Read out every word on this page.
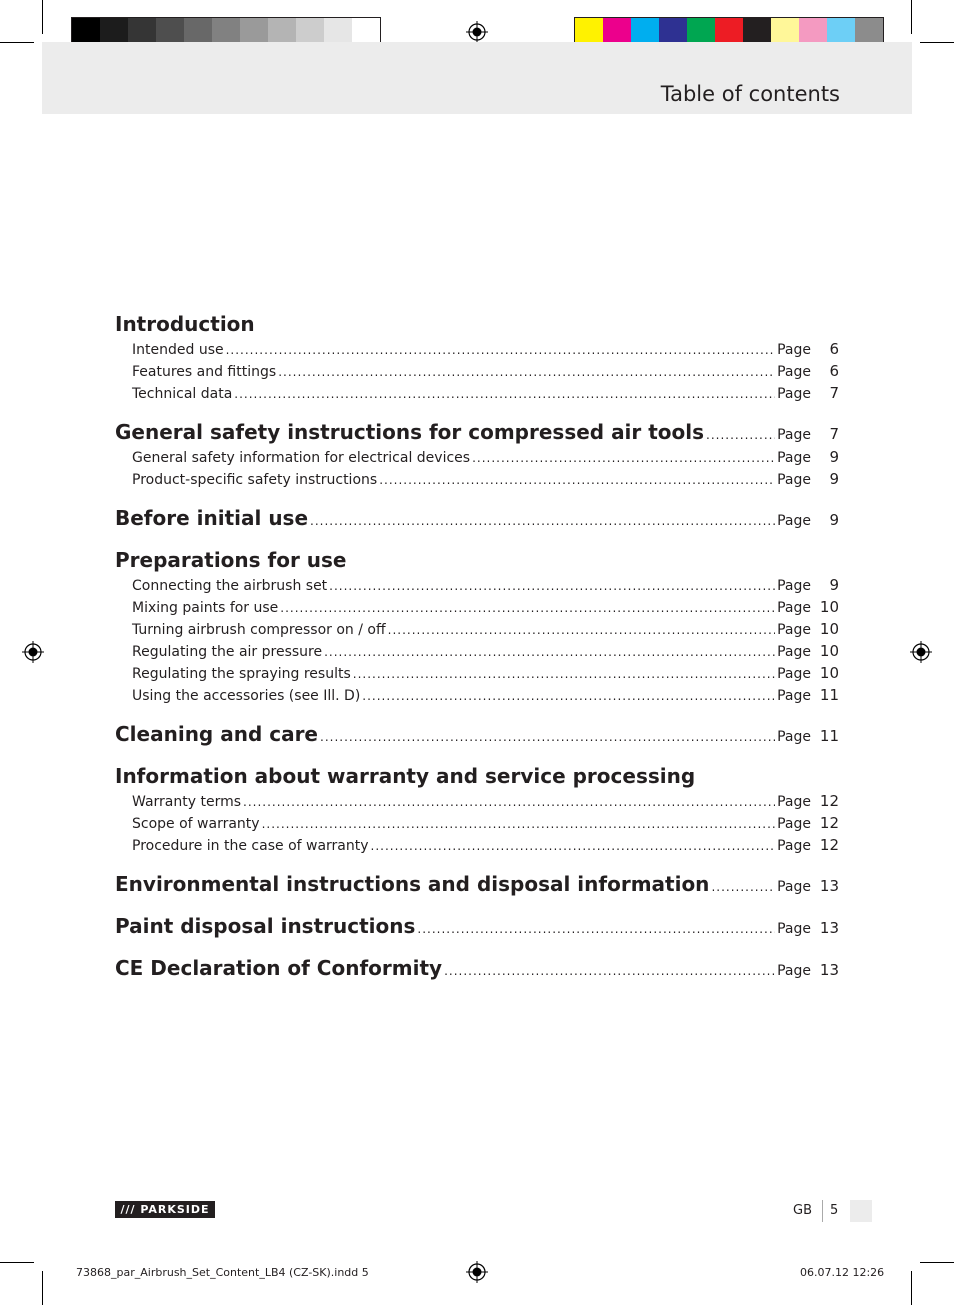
Table of contents
Introduction
Intended use .....	Page	6
Features and fittings .....	Page	6
Technical data .....	Page	7
General safety instructions for compressed air tools .....	Page	7
General safety information for electrical devices .....	Page	9
Product-specific safety instructions .....	Page	9
Before initial use .....	Page	9
Preparations for use
Connecting the airbrush set .....	Page	9
Mixing paints for use .....	Page 10
Turning airbrush compressor on / off .....	Page 10
Regulating the air pressure .....	Page 10
Regulating the spraying results .....	Page 10
Using the accessories (see Ill. D) .....	Page 11
Cleaning and care .....	Page 11
Information about warranty and service processing
Warranty terms .....	Page 12
Scope of warranty .....	Page 12
Procedure in the case of warranty .....	Page 12
Environmental instructions and disposal information .....	Page 13
Paint disposal instructions .....	Page 13
CE Declaration of Conformity .....	Page 13
/// PARKSIDE	GB 5
73868_par_Airbrush_Set_Content_LB4 (CZ-SK).indd 5	06.07.12 12:26
